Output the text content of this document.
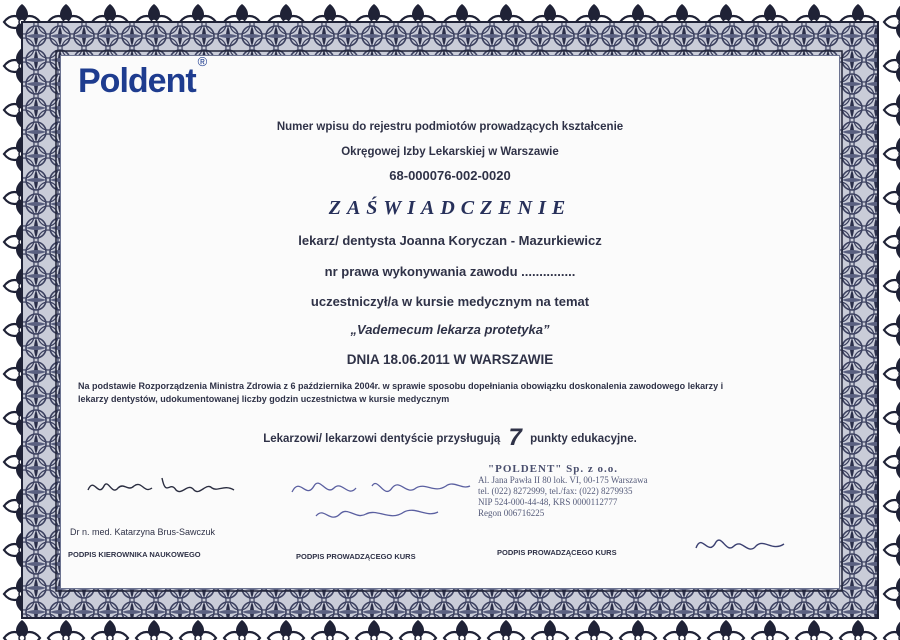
Poldent®
Numer wpisu do rejestru podmiotów prowadzących kształcenie
Okręgowej Izby Lekarskiej w Warszawie
68-000076-002-0020
ZAŚWIADCZENIE
lekarz/ dentysta Joanna Koryczan - Mazurkiewicz
nr prawa wykonywania zawodu ...............
uczestniczył/a w kursie medycznym na temat
„Vademecum lekarza protetyka”
DNIA 18.06.2011 W WARSZAWIE
Na podstawie Rozporządzenia Ministra Zdrowia z 6 października 2004r. w sprawie sposobu dopełniania obowiązku doskonalenia zawodowego lekarzy i
lekarzy dentystów, udokumentowanej liczby godzin uczestnictwa w kursie medycznym
Lekarzowi/ lekarzowi dentyście przysługują 7 punkty edukacyjne.
"POLDENT" Sp. z o.o.
Al. Jana Pawła II 80 lok. VI, 00-175 Warszawa
tel. (022) 8272999, tel./fax: (022) 8279935
NIP 524-000-44-48, KRS 0000112777
Regon 006716225
Dr n. med. Katarzyna Brus-Sawczuk
PODPIS KIEROWNIKA NAUKOWEGO	PODPIS PROWADZĄCEGO KURS	PODPIS PROWADZĄCEGO KURS
